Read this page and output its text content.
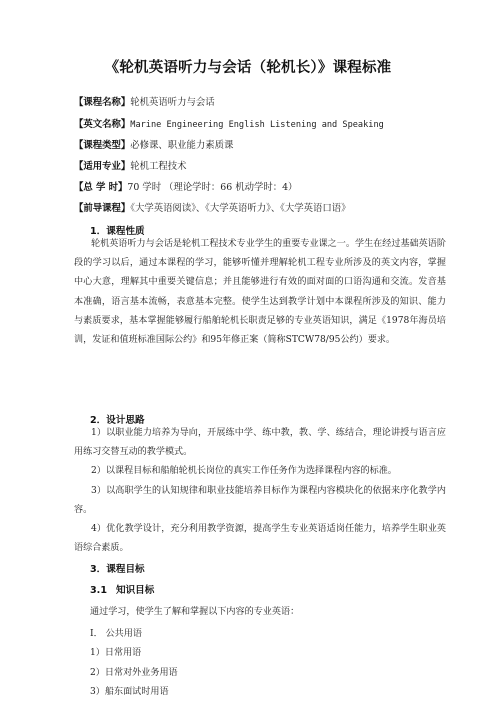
《轮机英语听力与会话（轮机长）》课程标准
【课程名称】轮机英语听力与会话
【英文名称】Marine Engineering English Listening and Speaking
【课程类型】必修课、职业能力素质课
【适用专业】轮机工程技术
【总 学 时】70 学时 （理论学时：66 机动学时：4）
【前导课程】《大学英语阅读》、《大学英语听力》、《大学英语口语》
1．课程性质

轮机英语听力与会话是轮机工程技术专业学生的重要专业课之一。学生在经过基础英语阶段的学习以后，通过本课程的学习，能够听懂并理解轮机工程专业所涉及的英文内容，掌握中心大意，理解其中重要关键信息；并且能够进行有效的面对面的口语沟通和交流。发音基本准确，语言基本流畅，表意基本完整。使学生达到教学计划中本课程所涉及的知识、能力与素质要求，基本掌握能够履行船舶轮机长职责足够的专业英语知识，满足《1978年海员培训，发证和值班标准国际公约》和95年修正案（简称STCW78/95公约）要求。

2．设计思路

1）以职业能力培养为导向，开展练中学、练中教，教、学、练结合，理论讲授与语言应用练习交替互动的教学模式。

2）以课程目标和船舶轮机长岗位的真实工作任务作为选择课程内容的标准。

3）以高职学生的认知规律和职业技能培养目标作为课程内容模块化的依据来序化教学内容。

4）优化教学设计，充分利用教学资源，提高学生专业英语适岗任能力，培养学生职业英语综合素质。

3．课程目标
3.1 知识目标
通过学习，使学生了解和掌握以下内容的专业英语：
Ⅰ． 公共用语
1）日常用语
2）日常对外业务用语
3）船东面试时用语
